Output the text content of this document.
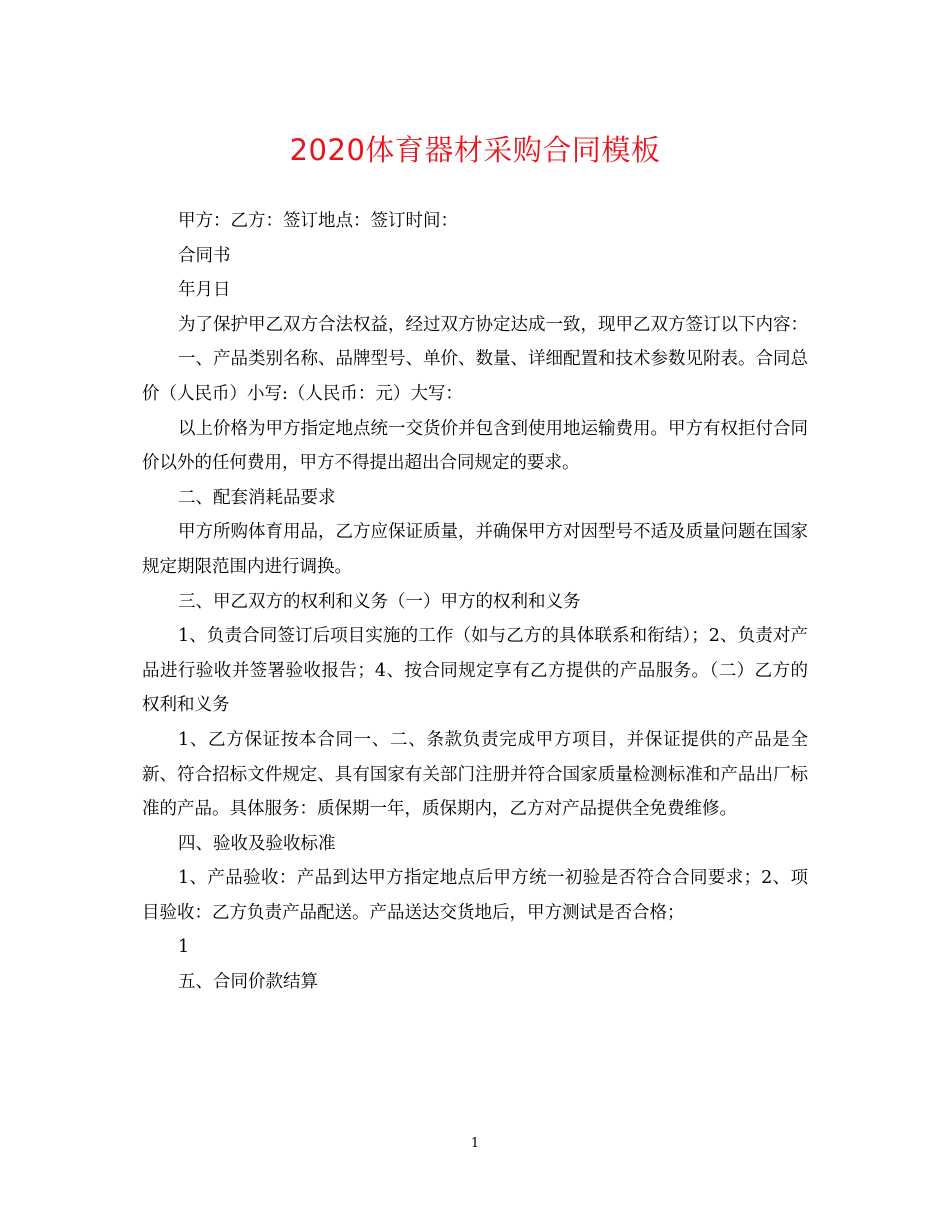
2020体育器材采购合同模板

甲方：乙方：签订地点：签订时间：

合同书

年月日

为了保护甲乙双方合法权益，经过双方协定达成一致，现甲乙双方签订以下内容：

一、产品类别名称、品牌型号、单价、数量、详细配置和技术参数见附表。合同总价（人民币）小写:（人民币：元）大写：

以上价格为甲方指定地点统一交货价并包含到使用地运输费用。甲方有权拒付合同价以外的任何费用，甲方不得提出超出合同规定的要求。

二、配套消耗品要求

甲方所购体育用品，乙方应保证质量，并确保甲方对因型号不适及质量问题在国家规定期限范围内进行调换。

三、甲乙双方的权利和义务（一）甲方的权利和义务

1、负责合同签订后项目实施的工作（如与乙方的具体联系和衔结）；2、负责对产品进行验收并签署验收报告；4、按合同规定享有乙方提供的产品服务。（二）乙方的权利和义务

1、乙方保证按本合同一、二、条款负责完成甲方项目，并保证提供的产品是全新、符合招标文件规定、具有国家有关部门注册并符合国家质量检测标准和产品出厂标准的产品。具体服务：质保期一年，质保期内，乙方对产品提供全免费维修。

四、验收及验收标准

1、产品验收：产品到达甲方指定地点后甲方统一初验是否符合合同要求；2、项目验收：乙方负责产品配送。产品送达交货地后，甲方测试是否合格；

1

五、合同价款结算

1
